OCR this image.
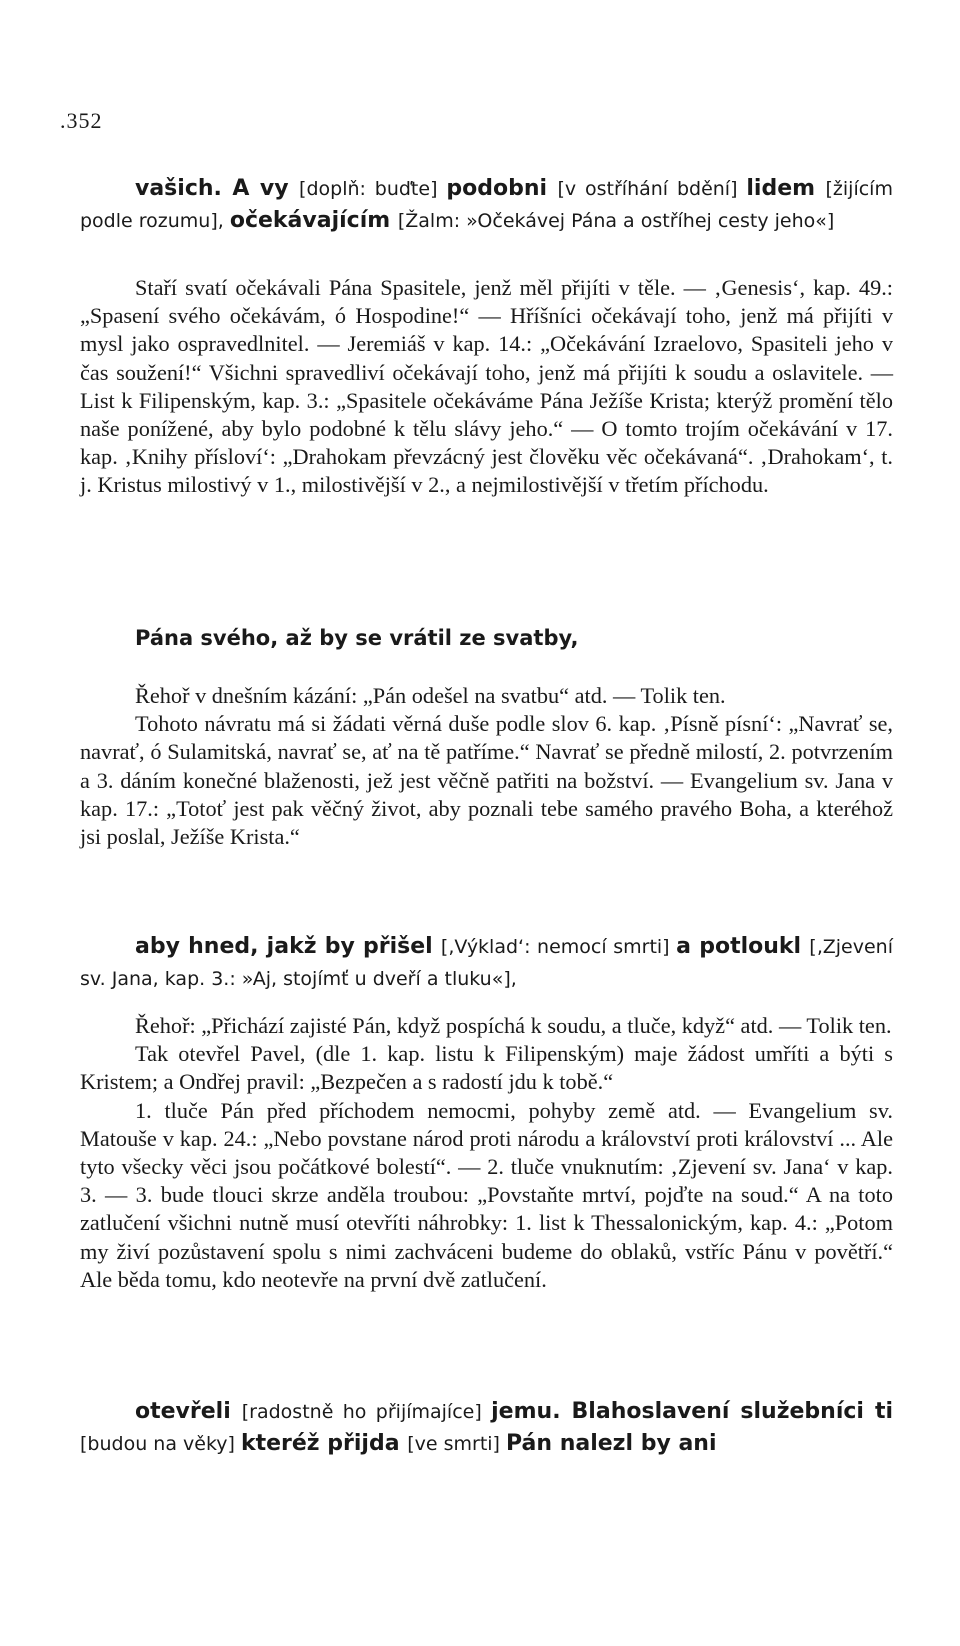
.352
vašich. A vy [doplň: buďte] podobni [v ostříhání bdění] lidem [žijícím podle rozumu], očekávajícím [Žalm: »Očekávej Pána a ostříhej cesty jeho«]

Staří svatí očekávali Pána Spasitele, jenž měl přijíti v těle. — ‚Genesis‘, kap. 49.: „Spasení svého očekávám, ó Hospodine!“ — Hříšníci očekávají toho, jenž má přijíti v mysl jako ospravedlnitel. — Jeremiáš v kap. 14.: „Očekávání Izraelovo, Spasiteli jeho v čas soužení!“ Všichni spravedliví očekávají toho, jenž má přijíti k soudu a oslavitele. — List k Filipenským, kap. 3.: „Spasitele očekáváme Pána Ježíše Krista; kterýž promění tělo naše ponížené, aby bylo podobné k tělu slávy jeho.“ — O tomto trojím očekávání v 17. kap. ‚Knihy přísloví‘: „Drahokam převzácný jest člověku věc očekávaná“. ‚Drahokam‘, t. j. Kristus milostivý v 1., milostivější v 2., a nejmilostivější v třetím příchodu.

Pána svého, až by se vrátil ze svatby,

Řehoř v dnešním kázání: „Pán odešel na svatbu“ atd. — Tolik ten.

Tohoto návratu má si žádati věrná duše podle slov 6. kap. ‚Písně písní‘: „Navrať se, navrať, ó Sulamitská, navrať se, ať na tě patříme.“ Navrať se předně milostí, 2. potvrzením a 3. dáním konečné blaženosti, jež jest věčně patřiti na božství. — Evangelium sv. Jana v kap. 17.: „Totoť jest pak věčný život, aby poznali tebe samého pravého Boha, a kteréhož jsi poslal, Ježíše Krista.“

aby hned, jakž by přišel [‚Výklad‘: nemocí smrti] a potloukl [‚Zjevení sv. Jana, kap. 3.: »Aj, stojímť u dveří a tluku«],

Řehoř: „Přichází zajisté Pán, když pospíchá k soudu, a tluče, když“ atd. — Tolik ten.

Tak otevřel Pavel, (dle 1. kap. listu k Filipenským) maje žádost umříti a býti s Kristem; a Ondřej pravil: „Bezpečen a s radostí jdu k tobě.“

1. tluče Pán před příchodem nemocmi, pohyby země atd. — Evangelium sv. Matouše v kap. 24.: „Nebo povstane národ proti národu a království proti království ... Ale tyto všecky věci jsou počátkové bolestí“. — 2. tluče vnuknutím: ‚Zjevení sv. Jana‘ v kap. 3. — 3. bude tlouci skrze anděla troubou: „Povstaňte mrtví, pojďte na soud.“ A na toto zatlučení všichni nutně musí otevříti náhrobky: 1. list k Thessalonickým, kap. 4.: „Potom my živí pozůstavení spolu s nimi zachváceni budeme do oblaků, vstříc Pánu v povětří.“ Ale běda tomu, kdo neotevře na první dvě zatlučení.

otevřeli [radostně ho přijímajíce] jemu. Blahoslavení služebníci ti [budou na věky] kteréž přijda [ve smrti] Pán nalezl by ani
